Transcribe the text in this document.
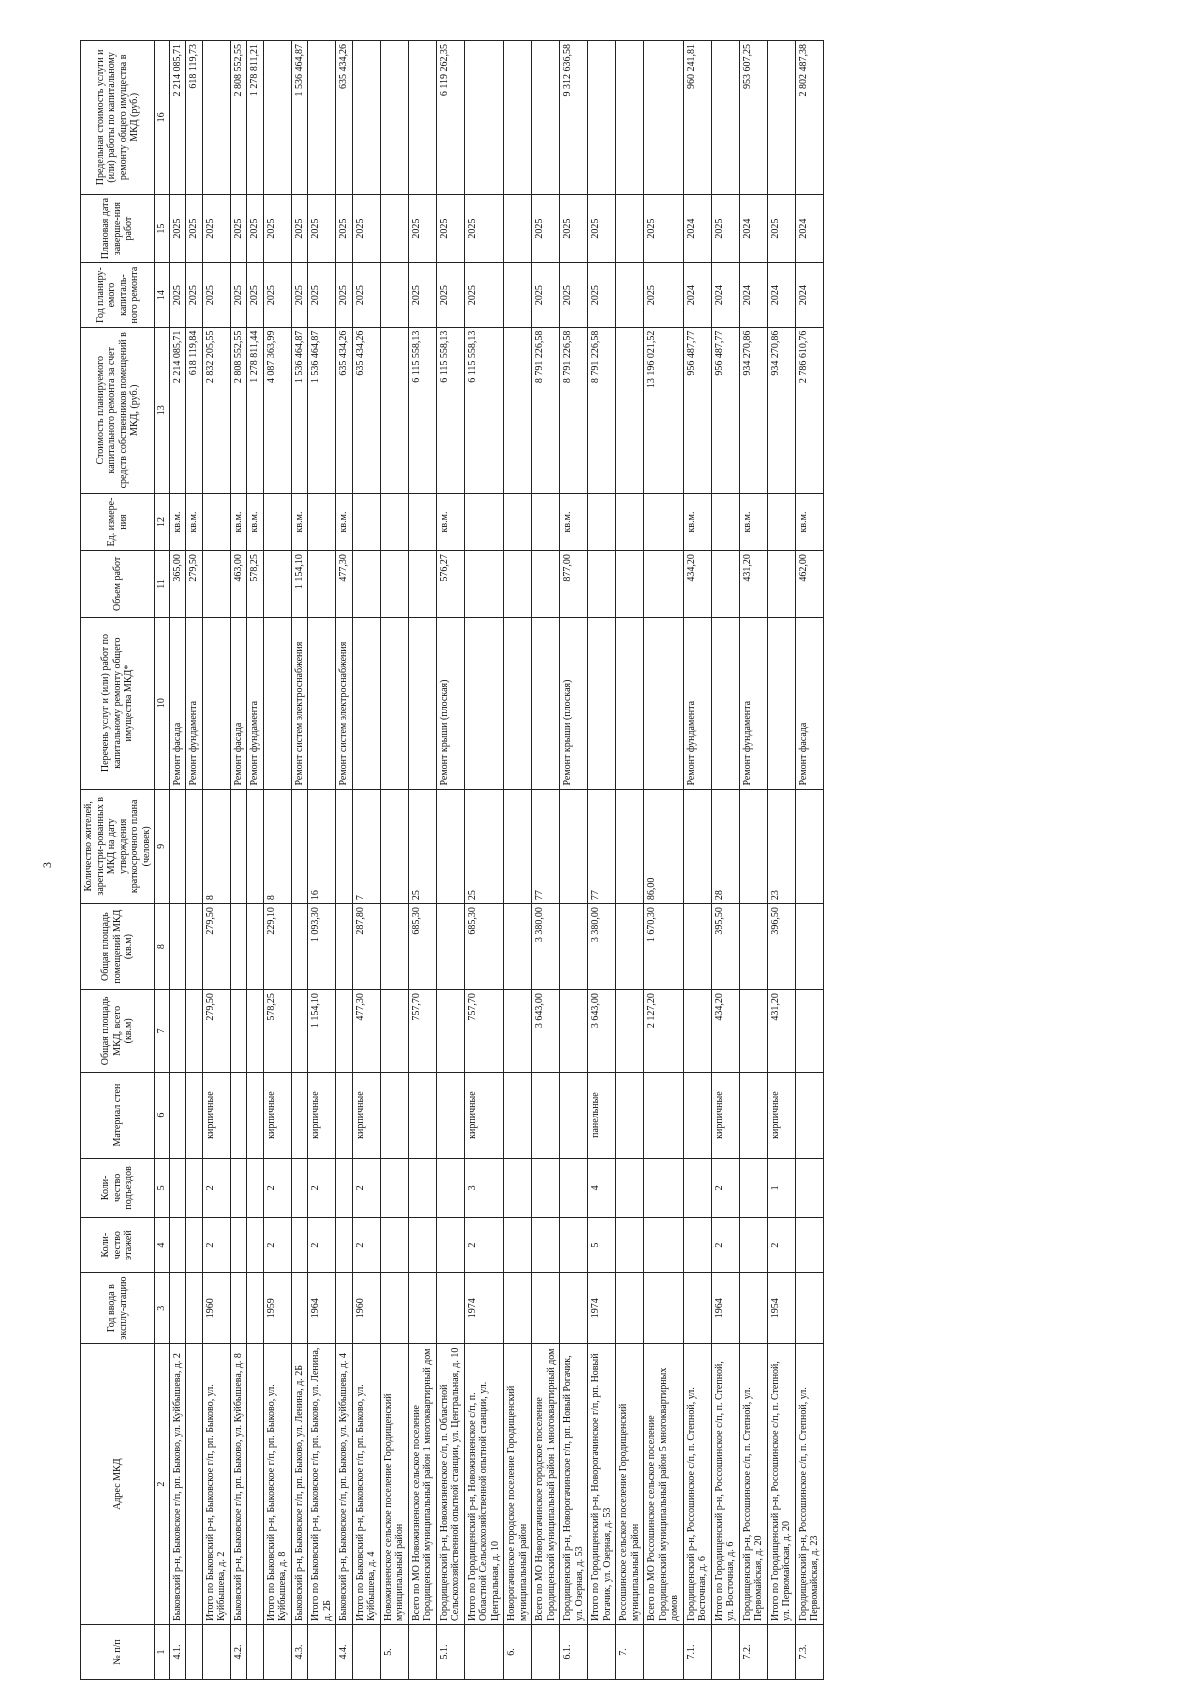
3
№ п/п	Адрес МКД	Год ввода в эксплу-атацию	Коли-чество этажей	Коли-чество подъездов	Материал стен	Общая площадь МКД, всего (кв.м)	Общая площадь помещений МКД (кв.м)	Количество жителей, зарегистри-рованных в МКД на дату утверждения краткосрочного плана (человек)	Перечень услуг и (или) работ по капитальному ремонту общего имущества МКД*	Объем работ	Ед. измере-ния	Стоимость планируемого капитального ремонта за счет средств собственников помещений в МКД, (руб.)	Год планиру-емого капиталь-ного ремонта	Плановая дата заверше-ния работ	Предельная стоимость услуги и (или) работы по капитальному ремонту общего имущества в МКД (руб.)
1	2	3	4	5	6	7	8	9	10	11	12	13	14	15	16
4.1.	Быковский р-н, Быковское г/п, рп. Быково, ул. Куйбышева, д. 2								Ремонт фасада	365,00	кв.м.	2 214 085,71	2025	2025	2 214 085,71
									Ремонт фундамента	279,50	кв.м.	618 119,84	2025	2025	618 119,73
	Итого по Быковский р-н, Быковское г/п, рп. Быково, ул. Куйбышева, д. 2	1960	2	2	кирпичные	279,50	279,50	8				2 832 205,55	2025	2025	
4.2.	Быковский р-н, Быковское г/п, рп. Быково, ул. Куйбышева, д. 8								Ремонт фасада	463,00	кв.м.	2 808 552,55	2025	2025	2 808 552,55
									Ремонт фундамента	578,25	кв.м.	1 278 811,44	2025	2025	1 278 811,21
	Итого по Быковский р-н, Быковское г/п, рп. Быково, ул. Куйбышева, д. 8	1959	2	2	кирпичные	578,25	229,10	8				4 087 363,99	2025	2025	
4.3.	Быковский р-н, Быковское г/п, рп. Быково, ул. Ленина, д. 2Б								Ремонт систем электроснабжения	1 154,10	кв.м.	1 536 464,87	2025	2025	1 536 464,87
	Итого по Быковский р-н, Быковское г/п, рп. Быково, ул. Ленина, д. 2Б	1964	2	2	кирпичные	1 154,10	1 093,30	16				1 536 464,87	2025	2025	
4.4.	Быковский р-н, Быковское г/п, рп. Быково, ул. Куйбышева, д. 4								Ремонт систем электроснабжения	477,30	кв.м.	635 434,26	2025	2025	635 434,26
	Итого по Быковский р-н, Быковское г/п, рп. Быково, ул. Куйбышева, д. 4	1960	2	2	кирпичные	477,30	287,80	7				635 434,26	2025	2025	
5.	Новожизненское сельское поселение Городищенский муниципальный район														
	Всего по МО Новожизненское сельское поселение Городищенский муниципальный район 1 многоквартирный дом					757,70	685,30	25				6 115 558,13	2025	2025	
5.1.	Городищенский р-н, Новожизненское с/п, п. Областной Сельскохозяйственной опытной станции, ул. Центральная, д. 10								Ремонт крыши (плоская)	576,27	кв.м.	6 115 558,13	2025	2025	6 119 262,35
	Итого по Городищенский р-н, Новожизненское с/п, п. Областной Сельскохозяйственной опытной станции, ул. Центральная, д. 10	1974	2	3	кирпичные	757,70	685,30	25				6 115 558,13	2025	2025	
6.	Новорогачинское городское поселение Городищенский муниципальный район														
	Всего по МО Новорогачинское городское поселение Городищенский муниципальный район 1 многоквартирный дом					3 643,00	3 380,00	77				8 791 226,58	2025	2025	
6.1.	Городищенский р-н, Новорогачинское г/п, рп. Новый Рогачик, ул. Озерная, д. 53								Ремонт крыши (плоская)	877,00	кв.м.	8 791 226,58	2025	2025	9 312 636,58
	Итого по Городищенский р-н, Новорогачинское г/п, рп. Новый Рогачик, ул. Озерная, д. 53	1974	5	4	панельные	3 643,00	3 380,00	77				8 791 226,58	2025	2025	
7.	Россошинское сельское поселение Городищенский муниципальный район														
	Всего по МО Россошинское сельское поселение Городищенский муниципальный район 5 многоквартирных домов					2 127,20	1 670,30	86,00				13 196 021,52	2025	2025	
7.1.	Городищенский р-н, Россошинское с/п, п. Степной, ул. Восточная, д. 6								Ремонт фундамента	434,20	кв.м.	956 487,77	2024	2024	960 241,81
	Итого по Городищенский р-н, Россошинское с/п, п. Степной, ул. Восточная, д. 6	1964	2	2	кирпичные	434,20	395,50	28				956 487,77	2024	2025	
7.2.	Городищенский р-н, Россошинское с/п, п. Степной, ул. Первомайская, д. 20								Ремонт фундамента	431,20	кв.м.	934 270,86	2024	2024	953 607,25
	Итого по Городищенский р-н, Россошинское с/п, п. Степной, ул. Первомайская, д. 20	1954	2	1	кирпичные	431,20	396,50	23				934 270,86	2024	2025	
7.3.	Городищенский р-н, Россошинское с/п, п. Степной, ул. Первомайская, д. 23								Ремонт фасада	462,00	кв.м.	2 786 610,76	2024	2024	2 802 487,38
